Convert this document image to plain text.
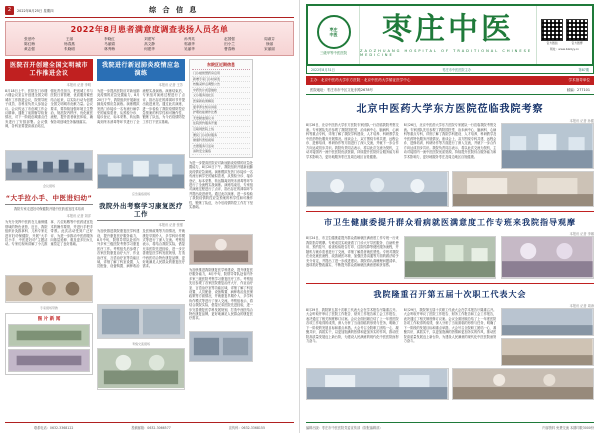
2	2022年8月25日 星期四	综 合 信 息
2022年8月患者满意度调查表扬人员名单
张爱玲	王丽	李晓红	刘建军	孙秀英	赵国强	周淑芬
陈红梅	杨春燕	马丽娟	高文静	郭淑华	田小兰	徐丽
黄志强	朱晓明	林秀梅	何建华	吴丽华	曹春梅	宋丽丽
医院召开创建全国文明城市工作推进会议
本报讯 记者 李明
8月18日上午，医院在门诊楼六楼会议室召开创建全国文明城市工作推进会议，院领导班子成员、各科室负责人参加会议。会议传达了市创城工作会议精神，通报了前期督导检查情况，对下一阶段创城重点任务进行了安排部署。会议强调，各科室要提高政治站位，强化责任担当，把创城工作与医院日常管理、优质服务紧密结合起来，以实际行动为创建全国文明城市贡献力量。会议要求，要持续加强环境卫生整治，规范院内秩序，优化就医流程，提升患者就医体验，确保各项创城任务落细落实。
会议现场
“大手拉小手、中医进妇幼”
我院专家走进妇幼保健院开展中医药适宜技术培训
本报讯 记者 刘洋
为充分发挥中医药在儿童保健领域的特色优势，近日，我院组织针灸推拿科、儿科专家走进市妇幼保健院，开展“大手拉小手、中医进妇幼”主题活动。专家们现场讲解了小儿推拿、穴位贴敷等中医药适宜技术的操作要领，并进行手把手带教。此次活动受到广泛好评，为进一步推动中医药服务向基层延伸、惠及更多妇女儿童奠定了良好基础。
专家现场带教
图 片 新 闻
我院进行新冠肺炎疫情应急演练
本报讯 记者 王芳
为进一步提高医院应对新冠肺炎疫情的应急处置能力，8月20日下午，我院组织开展新冠肺炎疫情应急演练。演练模拟发热门诊接诊一名有流行病学史的疑似患者，从预检分诊、接诊登记、标本采集、转运隔离到终末消毒等环节进行了全流程实战演练。演练结束后，专家组对演练过程进行了点评，指出存在的薄弱环节并提出改进意见。通过此次演练，进一步检验了我院疫情防控应急预案的科学性和可操作性，锻炼了队伍，为今后疫情防控工作打下坚实基础。
应急演练现场
我院外出考察学习康复医疗工作
本报讯 记者 张强
为加快推进我院康复医学科建设，提升康复医疗服务能力，8月中旬，院领导带队赴省内外多家三级医院考察学习康复医疗工作。考察组先后参观了各家医院康复治疗大厅、作业治疗室、言语治疗室等功能区域，详细了解了科室设置、人员配备、设备购置、病种收治及医保政策等方面情况，并就康复早期介入、多学科协作模式等进行了深入交流。考察组表示，将结合我院实际，借鉴兄弟医院先进经验，进一步完善康复医学科发展规划，打造中西医结合特色康复品牌，更好地满足人民群众的康复医疗需求。
考察交流现场
东院区近期信息
门诊楼智慧药房启用
新增专家门诊时间表
核酸采样点调整公告
中药饮片质量抽检
义诊服务进社区
医保新政策解读
夏季养生知识讲座
护理技能操作比赛
无偿献血倡议书
住院预约服务开通
互联网医院上线
便民门诊延时服务
健康科普短视频
志愿服务月活动
消防安全演练
为进一步提高医院应对新冠肺炎疫情的应急处置能力，8月20日下午，我院组织开展新冠肺炎疫情应急演练。演练模拟发热门诊接诊一名有流行病学史的疑似患者，从预检分诊、接诊登记、标本采集、转运隔离到终末消毒等环节进行了全流程实战演练。演练结束后，专家组对演练过程进行了点评，指出存在的薄弱环节并提出改进意见。通过此次演练，进一步检验了我院疫情防控应急预案的科学性和可操作性，锻炼了队伍，为今后疫情防控工作打下坚实基础。
为加快推进我院康复医学科建设，提升康复医疗服务能力，8月中旬，院领导带队赴省内外多家三级医院考察学习康复医疗工作。考察组先后参观了各家医院康复治疗大厅、作业治疗室、言语治疗室等功能区域，详细了解了科室设置、人员配备、设备购置、病种收治及医保政策等方面情况，并就康复早期介入、多学科协作模式等进行了深入交流。考察组表示，将结合我院实际，借鉴兄弟医院先进经验，进一步完善康复医学科发展规划，打造中西医结合特色康复品牌，更好地满足人民群众的康复医疗需求。
联系电话：0632-3368122	投稿邮箱：0632-3066577	宣传科：0632-3368155
枣庄
中医
三级甲等中医医院
枣庄中医
ZAOZHUANG HOSPITAL OF TRADITIONAL CHINESE MEDICINE
官方微信	官方微博
网址：www.bzzzyy.cn
2022年8月31日	枣庄市中医医院主办	第87期
主办：北京中医药大学东方医院 · 北京中医药大学循证医学中心	学术指导单位
医院地址：枣庄市市中区文化东路2678号	邮编：277101
北京中医药大学东方医院莅临我院考察
本报讯 记者 孙健
8月26日，北京中医药大学东方医院专家团队一行莅临我院考察交流。专家团队先后参观了我院国医堂、治未病中心、脑病科、心病科等重点专科，详细了解了我院学科建设、人才培养、科研教学及中医药特色服务开展情况。座谈会上，双方围绕专科共建、远程会诊、进修培训、科研协作等方面进行了深入交流，并就下一步合作方向达成初步共识。我院负责同志表示，将以此次交流为契机，主动对接国内一流中医医院优质资源，持续提升医院综合服务能力和学术影响力，更好地服务枣庄及周边地区百姓健康。
8月26日，北京中医药大学东方医院专家团队一行莅临我院考察交流。专家团队先后参观了我院国医堂、治未病中心、脑病科、心病科等重点专科，详细了解了我院学科建设、人才培养、科研教学及中医药特色服务开展情况。座谈会上，双方围绕专科共建、远程会诊、进修培训、科研协作等方面进行了深入交流，并就下一步合作方向达成初步共识。我院负责同志表示，将以此次交流为契机，主动对接国内一流中医医院优质资源，持续提升医院综合服务能力和学术影响力，更好地服务枣庄及周边地区百姓健康。
市卫生健康委提升群众看病就医满意度工作专班来我院指导观摩
本报讯 记者 李娜
8月24日，市卫生健康委提升群众看病就医满意度工作专班一行来我院指导观摩。专班成员实地查看了门诊大厅导医服务、自助机使用、预约挂号、检查检验报告打印、住院结算等便民服务流程，并随机与就诊患者进行了交流，详细了解患者就医感受。专班对我院在优化就医流程、改善就医环境、加强医患沟通等方面的做法给予充分肯定，并提出了进一步改进建议。我院将认真梳理问题清单，逐项抓好整改落实，不断提升群众看病就医满意度和获得感。
我院隆重召开第五届十次职工代表大会
本报讯 记者 周涛
8月29日，我院第五届十次职工代表大会在学术报告厅隆重召开。大会听取并审议了医院工作报告、财务工作报告和工会工作报告，表决通过了相关制度修订议案。会议全面回顾总结了上一年度医院各项工作取得的成绩，深入分析了当前面临的形势与任务，明确了下一阶段的发展目标和重点举措。大会号召全院职工团结一心、凝聚共识、真抓实干，以更加饱满的热情和更加务实的作风，推动医院高质量发展迈上新台阶，为建设人民满意的现代化中医医院而努力奋斗。
8月29日，我院第五届十次职工代表大会在学术报告厅隆重召开。大会听取并审议了医院工作报告、财务工作报告和工会工作报告，表决通过了相关制度修订议案。会议全面回顾总结了上一年度医院各项工作取得的成绩，深入分析了当前面临的形势与任务，明确了下一阶段的发展目标和重点举措。大会号召全院职工团结一心、凝聚共识、真抓实干，以更加饱满的热情和更加务实的作风，推动医院高质量发展迈上新台阶，为建设人民满意的现代化中医医院而努力奋斗。
编辑出版：枣庄市中医医院党委宣传部（院报编辑部）	内部资料 免费交流 本期印数3000份
